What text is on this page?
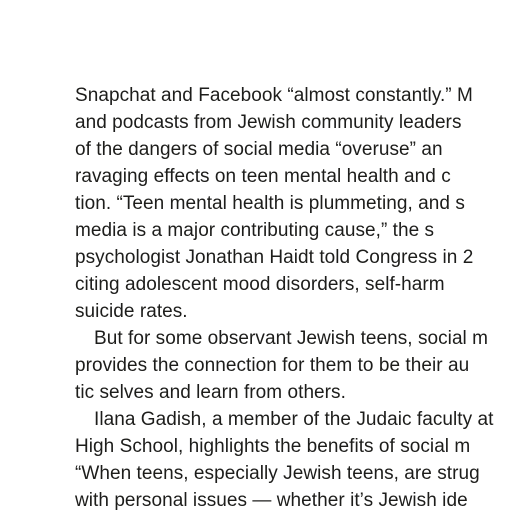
Snapchat and Facebook “almost constantly.” M

and podcasts from Jewish community leaders

of the dangers of social media “overuse” an

ravaging effects on teen mental health and c

tion. “Teen mental health is plummeting, and s

media is a major contributing cause,” the s

psychologist Jonathan Haidt told Congress in 2

citing adolescent mood disorders, self-harm

suicide rates.

But for some observant Jewish teens, social m

provides the connection for them to be their au

tic selves and learn from others.

Ilana Gadish, a member of the Judaic faculty at

High School, highlights the benefits of social m

“When teens, especially Jewish teens, are strug

with personal issues — whether it’s Jewish ide
